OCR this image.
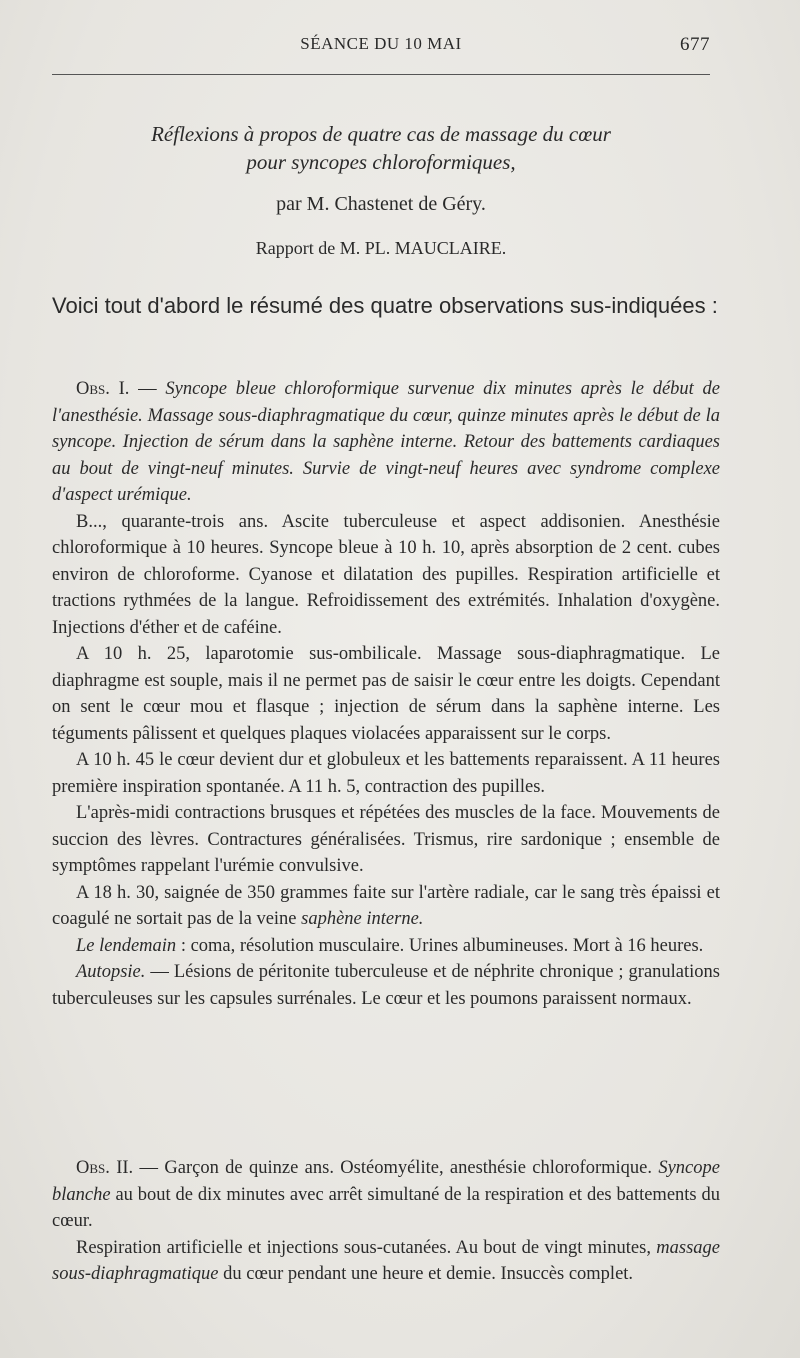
SÉANCE DU 10 MAI	677
Réflexions à propos de quatre cas de massage du cœur
pour syncopes chloroformiques,
par M. Chastenet de Géry.
Rapport de M. PL. MAUCLAIRE.
Voici tout d'abord le résumé des quatre observations sus-indiquées :

Obs. I. — Syncope bleue chloroformique survenue dix minutes après le début de l'anesthésie. Massage sous-diaphragmatique du cœur, quinze minutes après le début de la syncope. Injection de sérum dans la saphène interne. Retour des battements cardiaques au bout de vingt-neuf minutes. Survie de vingt-neuf heures avec syndrome complexe d'aspect urémique.

B..., quarante-trois ans. Ascite tuberculeuse et aspect addisonien. Anesthésie chloroformique à 10 heures. Syncope bleue à 10 h. 10, après absorption de 2 cent. cubes environ de chloroforme. Cyanose et dilatation des pupilles. Respiration artificielle et tractions rythmées de la langue. Refroidissement des extrémités. Inhalation d'oxygène. Injections d'éther et de caféine.

A 10 h. 25, laparotomie sus-ombilicale. Massage sous-diaphragmatique. Le diaphragme est souple, mais il ne permet pas de saisir le cœur entre les doigts. Cependant on sent le cœur mou et flasque ; injection de sérum dans la saphène interne. Les téguments pâlissent et quelques plaques violacées apparaissent sur le corps.

A 10 h. 45 le cœur devient dur et globuleux et les battements reparaissent. A 11 heures première inspiration spontanée. A 11 h. 5, contraction des pupilles.

L'après-midi contractions brusques et répétées des muscles de la face. Mouvements de succion des lèvres. Contractures généralisées. Trismus, rire sardonique ; ensemble de symptômes rappelant l'urémie convulsive.

A 18 h. 30, saignée de 350 grammes faite sur l'artère radiale, car le sang très épaissi et coagulé ne sortait pas de la veine saphène interne.

Le lendemain : coma, résolution musculaire. Urines albumineuses. Mort à 16 heures.

Autopsie. — Lésions de péritonite tuberculeuse et de néphrite chronique ; granulations tuberculeuses sur les capsules surrénales. Le cœur et les poumons paraissent normaux.

Obs. II. — Garçon de quinze ans. Ostéomyélite, anesthésie chloroformique. Syncope blanche au bout de dix minutes avec arrêt simultané de la respiration et des battements du cœur.

Respiration artificielle et injections sous-cutanées. Au bout de vingt minutes, massage sous-diaphragmatique du cœur pendant une heure et demie. Insuccès complet.
